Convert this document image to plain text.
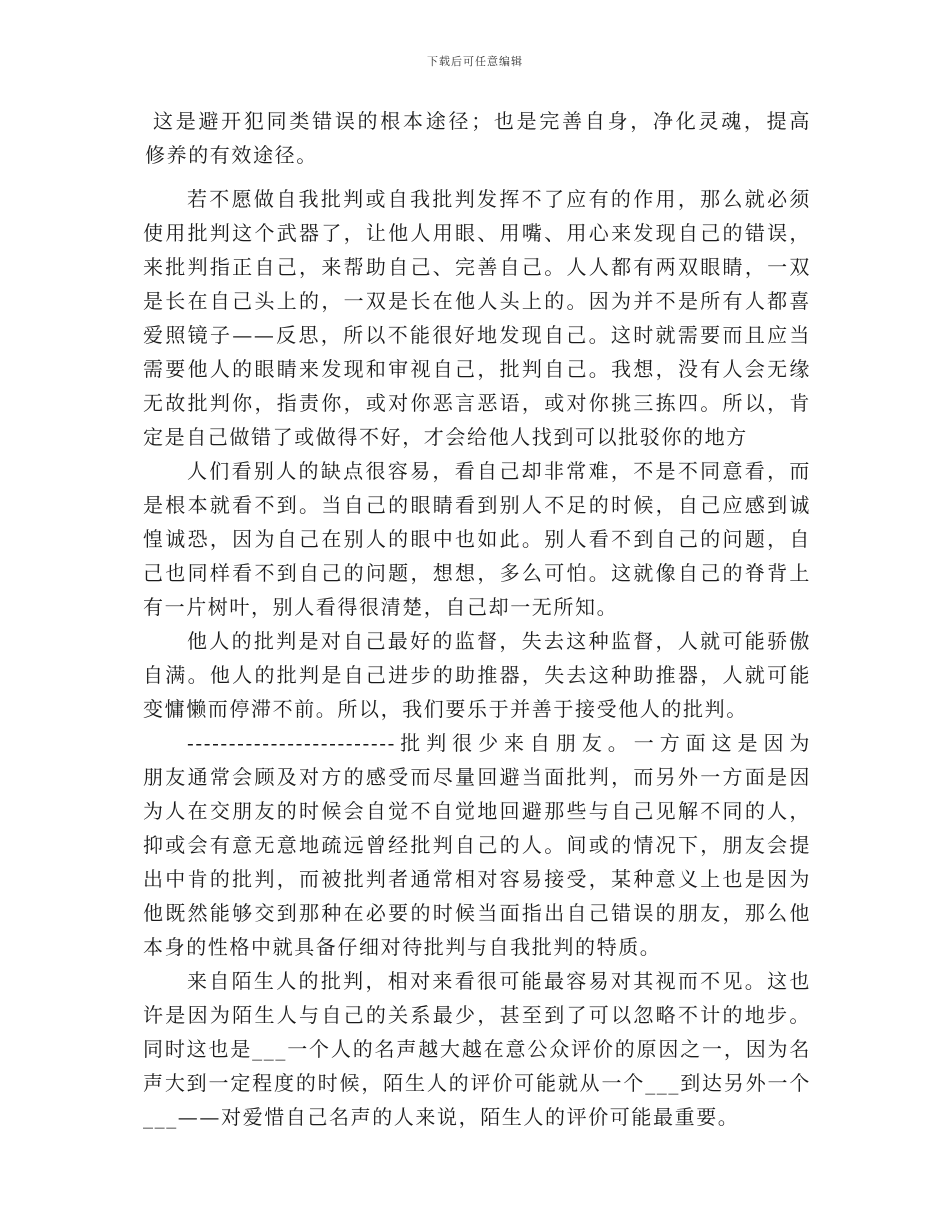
下载后可任意编辑
这是避开犯同类错误的根本途径；也是完善自身，净化灵魂，提高
修养的有效途径。
若不愿做自我批判或自我批判发挥不了应有的作用，那么就必须
使用批判这个武器了，让他人用眼、用嘴、用心来发现自己的错误，
来批判指正自己，来帮助自己、完善自己。人人都有两双眼睛，一双
是长在自己头上的，一双是长在他人头上的。因为并不是所有人都喜
爱照镜子——反思，所以不能很好地发现自己。这时就需要而且应当
需要他人的眼睛来发现和审视自己，批判自己。我想，没有人会无缘
无故批判你，指责你，或对你恶言恶语，或对你挑三拣四。所以，肯
定是自己做错了或做得不好，才会给他人找到可以批驳你的地方
人们看别人的缺点很容易，看自己却非常难，不是不同意看，而
是根本就看不到。当自己的眼睛看到别人不足的时候，自己应感到诚
惶诚恐，因为自己在别人的眼中也如此。别人看不到自己的问题，自
己也同样看不到自己的问题，想想，多么可怕。这就像自己的脊背上
有一片树叶，别人看得很清楚，自己却一无所知。
他人的批判是对自己最好的监督，失去这种监督，人就可能骄傲
自满。他人的批判是自己进步的助推器，失去这种助推器，人就可能
变慵懒而停滞不前。所以，我们要乐于并善于接受他人的批判。
-------------------------批判很少来自朋友。一方面这是因为
朋友通常会顾及对方的感受而尽量回避当面批判，而另外一方面是因
为人在交朋友的时候会自觉不自觉地回避那些与自己见解不同的人，
抑或会有意无意地疏远曾经批判自己的人。间或的情况下，朋友会提
出中肯的批判，而被批判者通常相对容易接受，某种意义上也是因为
他既然能够交到那种在必要的时候当面指出自己错误的朋友，那么他
本身的性格中就具备仔细对待批判与自我批判的特质。
来自陌生人的批判，相对来看很可能最容易对其视而不见。这也
许是因为陌生人与自己的关系最少，甚至到了可以忽略不计的地步。
同时这也是___一个人的名声越大越在意公众评价的原因之一，因为名
声大到一定程度的时候，陌生人的评价可能就从一个___到达另外一个
___——对爱惜自己名声的人来说，陌生人的评价可能最重要。
